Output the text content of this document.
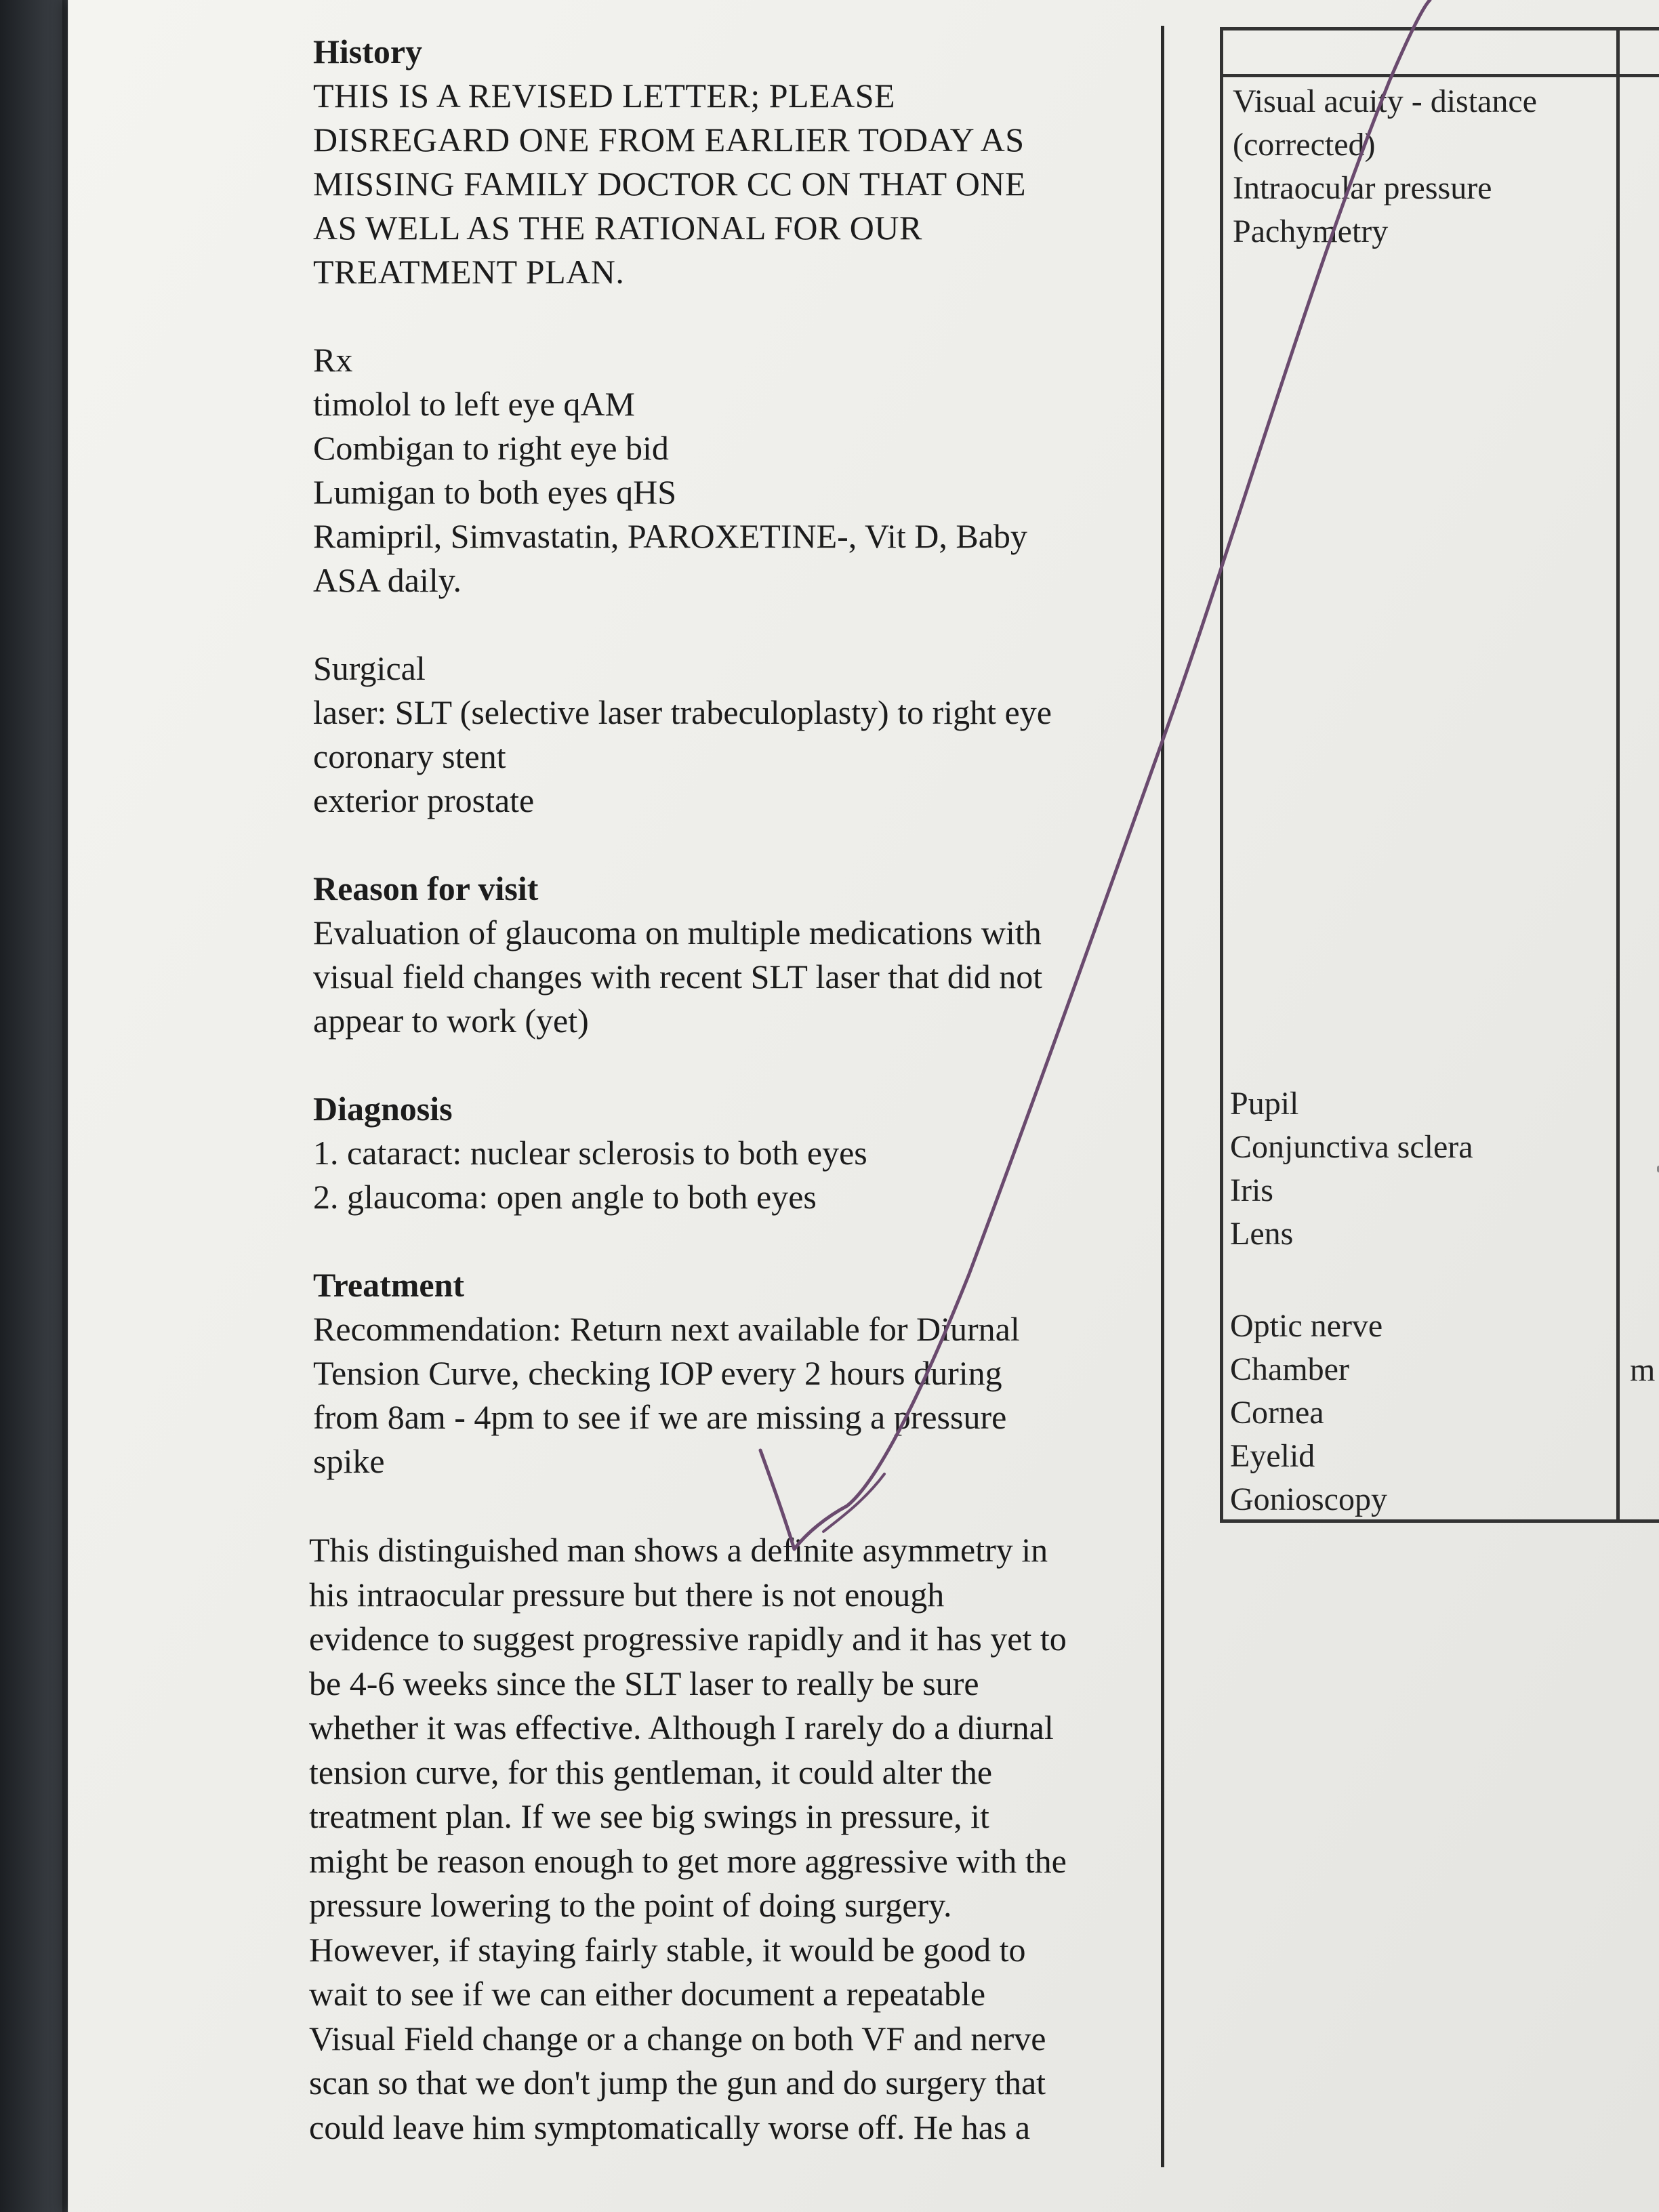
History
THIS IS A REVISED LETTER; PLEASE
DISREGARD ONE FROM EARLIER TODAY AS
MISSING FAMILY DOCTOR CC ON THAT ONE
AS WELL AS THE RATIONAL FOR OUR
TREATMENT PLAN.
Rx
timolol to left eye qAM
Combigan to right eye bid
Lumigan to both eyes qHS
Ramipril, Simvastatin, PAROXETINE-, Vit D, Baby
ASA daily.
Surgical
laser: SLT (selective laser trabeculoplasty) to right eye
coronary stent
exterior prostate
Reason for visit
Evaluation of glaucoma on multiple medications with
visual field changes with recent SLT laser that did not
appear to work (yet)
Diagnosis
1. cataract: nuclear sclerosis to both eyes
2. glaucoma: open angle to both eyes
Treatment
Recommendation: Return next available for Diurnal
Tension Curve, checking IOP every 2 hours during
from 8am - 4pm to see if we are missing a pressure
spike
This distinguished man shows a definite asymmetry in
his intraocular pressure but there is not enough
evidence to suggest progressive rapidly and it has yet to
be 4-6 weeks since the SLT laser to really be sure
whether it was effective. Although I rarely do a diurnal
tension curve, for this gentleman, it could alter the
treatment plan. If we see big swings in pressure, it
might be reason enough to get more aggressive with the
pressure lowering to the point of doing surgery.
However, if staying fairly stable, it would be good to
wait to see if we can either document a repeatable
Visual Field change or a change on both VF and nerve
scan so that we don't jump the gun and do surgery that
could leave him symptomatically worse off. He has a
Visual acuity - distance
(corrected)
Intraocular pressure
Pachymetry
Pupil
Conjunctiva sclera
Iris
Lens
Optic nerve
Chamber
Cornea
Eyelid
Gonioscopy
m
